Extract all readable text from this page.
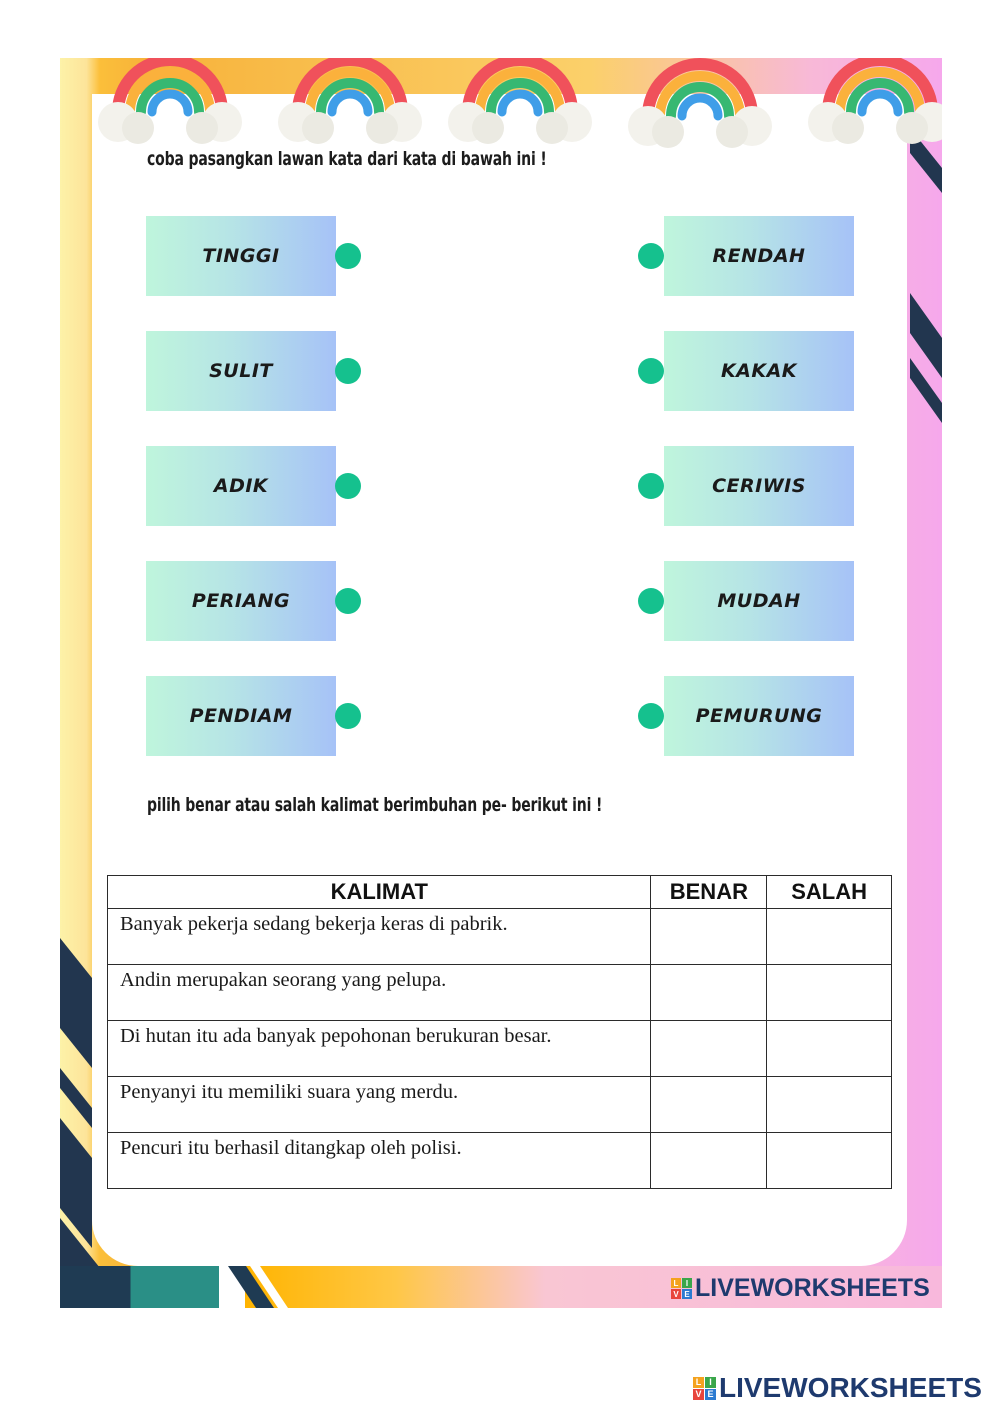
coba pasangkan lawan kata dari kata di bawah ini !
TINGGI
SULIT
ADIK
PERIANG
PENDIAM
RENDAH
KAKAK
CERIWIS
MUDAH
PEMURUNG
pilih benar atau salah kalimat berimbuhan pe- berikut ini !
KALIMAT	BENAR	SALAH

Banyak pekerja sedang bekerja keras di pabrik.		

Andin merupakan seorang yang pelupa.		

Di hutan itu ada banyak pepohonan berukuran besar.		

Penyanyi itu memiliki suara yang merdu.		

Pencuri itu berhasil ditangkap oleh polisi.		

L I
V E LIVEWORKSHEETS
L I
V E LIVEWORKSHEETS
